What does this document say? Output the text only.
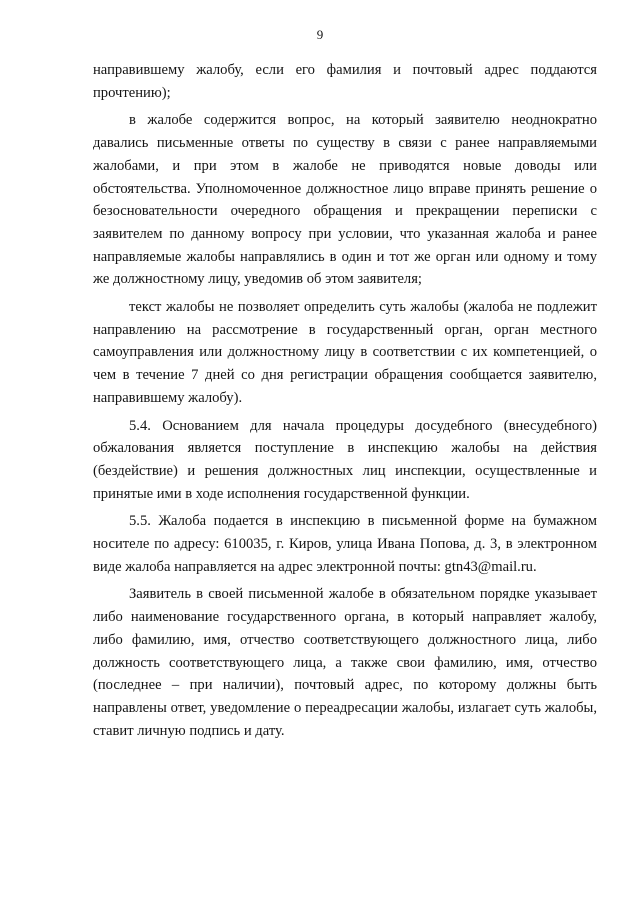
9

направившему жалобу, если его фамилия и почтовый адрес поддаются прочтению);

в жалобе содержится вопрос, на который заявителю неоднократно давались письменные ответы по существу в связи с ранее направляемыми жалобами, и при этом в жалобе не приводятся новые доводы или обстоятельства. Уполномоченное должностное лицо вправе принять решение о безосновательности очередного обращения и прекращении переписки с заявителем по данному вопросу при условии, что указанная жалоба и ранее направляемые жалобы направлялись в один и тот же орган или одному и тому же должностному лицу, уведомив об этом заявителя;

текст жалобы не позволяет определить суть жалобы (жалоба не подлежит направлению на рассмотрение в государственный орган, орган местного самоуправления или должностному лицу в соответствии с их компетенцией, о чем в течение 7 дней со дня регистрации обращения сообщается заявителю, направившему жалобу).

5.4. Основанием для начала процедуры досудебного (внесудебного) обжалования является поступление в инспекцию жалобы на действия (бездействие) и решения должностных лиц инспекции, осуществленные и принятые ими в ходе исполнения государственной функции.

5.5. Жалоба подается в инспекцию в письменной форме на бумажном носителе по адресу: 610035, г. Киров, улица Ивана Попова, д. 3, в электронном виде жалоба направляется на адрес электронной почты: gtn43@mail.ru.

Заявитель в своей письменной жалобе в обязательном порядке указывает либо наименование государственного органа, в который направляет жалобу, либо фамилию, имя, отчество соответствующего должностного лица, либо должность соответствующего лица, а также свои фамилию, имя, отчество (последнее – при наличии), почтовый адрес, по которому должны быть направлены ответ, уведомление о переадресации жалобы, излагает суть жалобы, ставит личную подпись и дату.
